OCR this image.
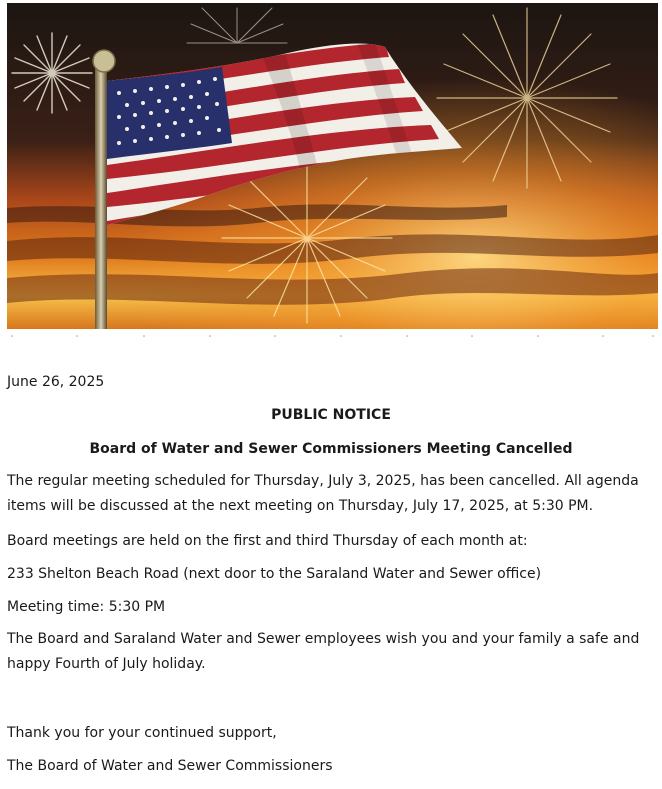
June 26, 2025
PUBLIC NOTICE
Board of Water and Sewer Commissioners Meeting Cancelled
The regular meeting scheduled for Thursday, July 3, 2025, has been cancelled. All agenda items will be discussed at the next meeting on Thursday, July 17, 2025, at 5:30 PM.
Board meetings are held on the first and third Thursday of each month at:
233 Shelton Beach Road (next door to the Saraland Water and Sewer office)
Meeting time: 5:30 PM
The Board and Saraland Water and Sewer employees wish you and your family a safe and happy Fourth of July holiday.
Thank you for your continued support,
The Board of Water and Sewer Commissioners
